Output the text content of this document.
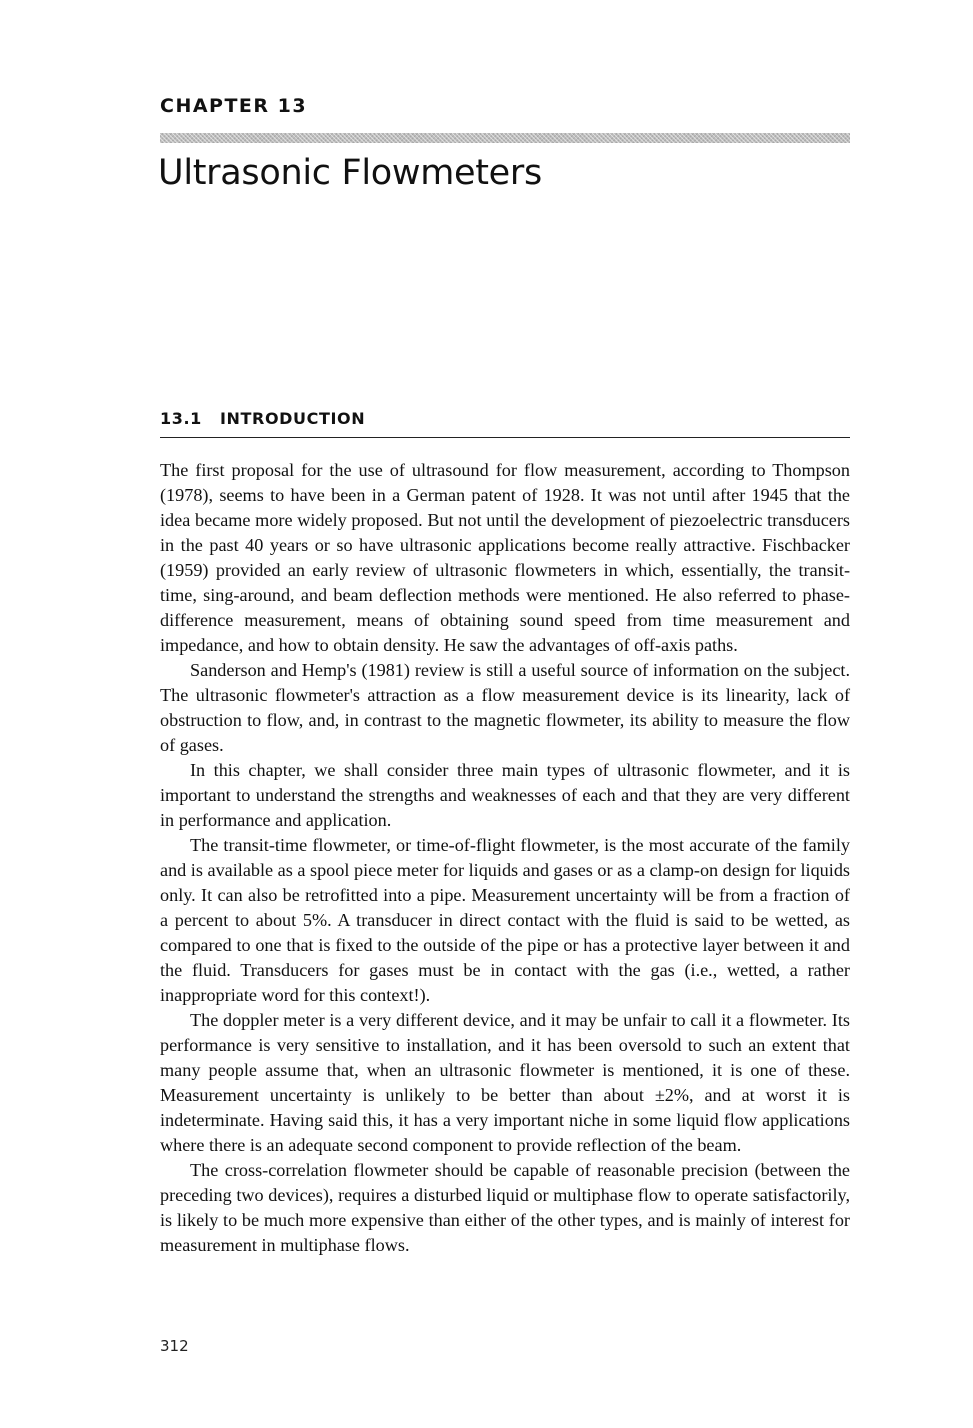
CHAPTER 13
Ultrasonic Flowmeters
13.1 INTRODUCTION

The first proposal for the use of ultrasound for flow measurement, according to Thompson (1978), seems to have been in a German patent of 1928. It was not until after 1945 that the idea became more widely proposed. But not until the development of piezoelectric transducers in the past 40 years or so have ultrasonic applications become really attractive. Fischbacker (1959) provided an early review of ultrasonic flowmeters in which, essentially, the transit-time, sing-around, and beam deflection methods were mentioned. He also referred to phase-difference measurement, means of obtaining sound speed from time measurement and impedance, and how to obtain density. He saw the advantages of off-axis paths.

Sanderson and Hemp's (1981) review is still a useful source of information on the subject. The ultrasonic flowmeter's attraction as a flow measurement device is its linearity, lack of obstruction to flow, and, in contrast to the magnetic flowmeter, its ability to measure the flow of gases.

In this chapter, we shall consider three main types of ultrasonic flowmeter, and it is important to understand the strengths and weaknesses of each and that they are very different in performance and application.

The transit-time flowmeter, or time-of-flight flowmeter, is the most accurate of the family and is available as a spool piece meter for liquids and gases or as a clamp-on design for liquids only. It can also be retrofitted into a pipe. Measurement uncertainty will be from a fraction of a percent to about 5%. A transducer in direct contact with the fluid is said to be wetted, as compared to one that is fixed to the outside of the pipe or has a protective layer between it and the fluid. Transducers for gases must be in contact with the gas (i.e., wetted, a rather inappropriate word for this context!).

The doppler meter is a very different device, and it may be unfair to call it a flowmeter. Its performance is very sensitive to installation, and it has been oversold to such an extent that many people assume that, when an ultrasonic flowmeter is mentioned, it is one of these. Measurement uncertainty is unlikely to be better than about ±2%, and at worst it is indeterminate. Having said this, it has a very important niche in some liquid flow applications where there is an adequate second component to provide reflection of the beam.

The cross-correlation flowmeter should be capable of reasonable precision (between the preceding two devices), requires a disturbed liquid or multiphase flow to operate satisfactorily, is likely to be much more expensive than either of the other types, and is mainly of interest for measurement in multiphase flows.

312
